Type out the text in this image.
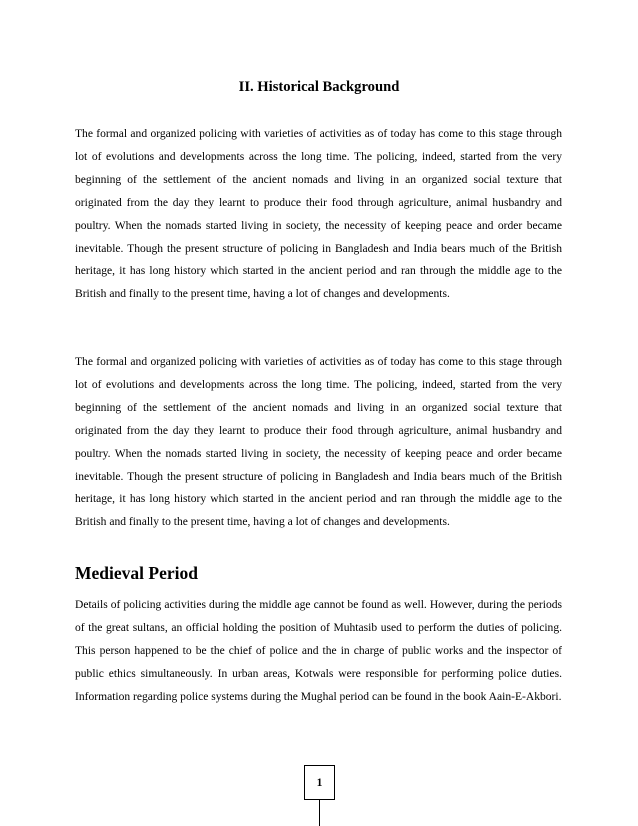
II. Historical Background

The formal and organized policing with varieties of activities as of today has come to this stage through lot of evolutions and developments across the long time. The policing, indeed, started from the very beginning of the settlement of the ancient nomads and living in an organized social texture that originated from the day they learnt to produce their food through agriculture, animal husbandry and poultry. When the nomads started living in society, the necessity of keeping peace and order became inevitable. Though the present structure of policing in Bangladesh and India bears much of the British heritage, it has long history which started in the ancient period and ran through the middle age to the British and finally to the present time, having a lot of changes and developments.

The formal and organized policing with varieties of activities as of today has come to this stage through lot of evolutions and developments across the long time. The policing, indeed, started from the very beginning of the settlement of the ancient nomads and living in an organized social texture that originated from the day they learnt to produce their food through agriculture, animal husbandry and poultry. When the nomads started living in society, the necessity of keeping peace and order became inevitable. Though the present structure of policing in Bangladesh and India bears much of the British heritage, it has long history which started in the ancient period and ran through the middle age to the British and finally to the present time, having a lot of changes and developments.

Medieval Period

Details of policing activities during the middle age cannot be found as well. However, during the periods of the great sultans, an official holding the position of Muhtasib used to perform the duties of policing. This person happened to be the chief of police and the in charge of public works and the inspector of public ethics simultaneously. In urban areas, Kotwals were responsible for performing police duties. Information regarding police systems during the Mughal period can be found in the book Aain-E-Akbori.

1
